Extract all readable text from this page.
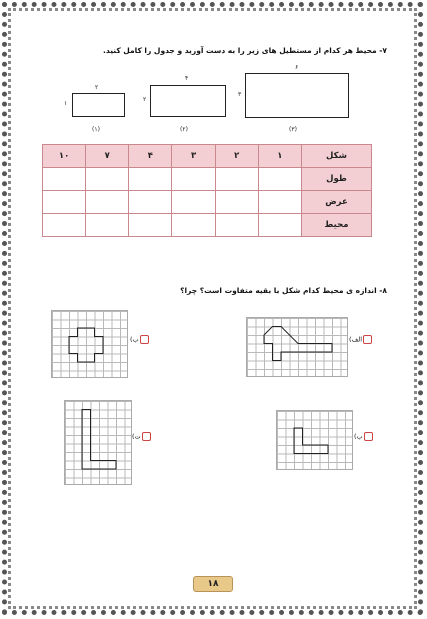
۷- محیط هر کدام از مستطیل های زیر را به دست آورید و جدول را کامل کنید.
۲
۱
(۱)
۴
۲
(۲)
۶
۳
(۳)
۱۰	۷	۴	۳	۲	۱	شکل
						طول
						عرض
						محیط
۸- اندازه ی محیط کدام شکل با بقیه متفاوت است؟ چرا؟
الف)
ب)
ت)	ب)
۱۸
